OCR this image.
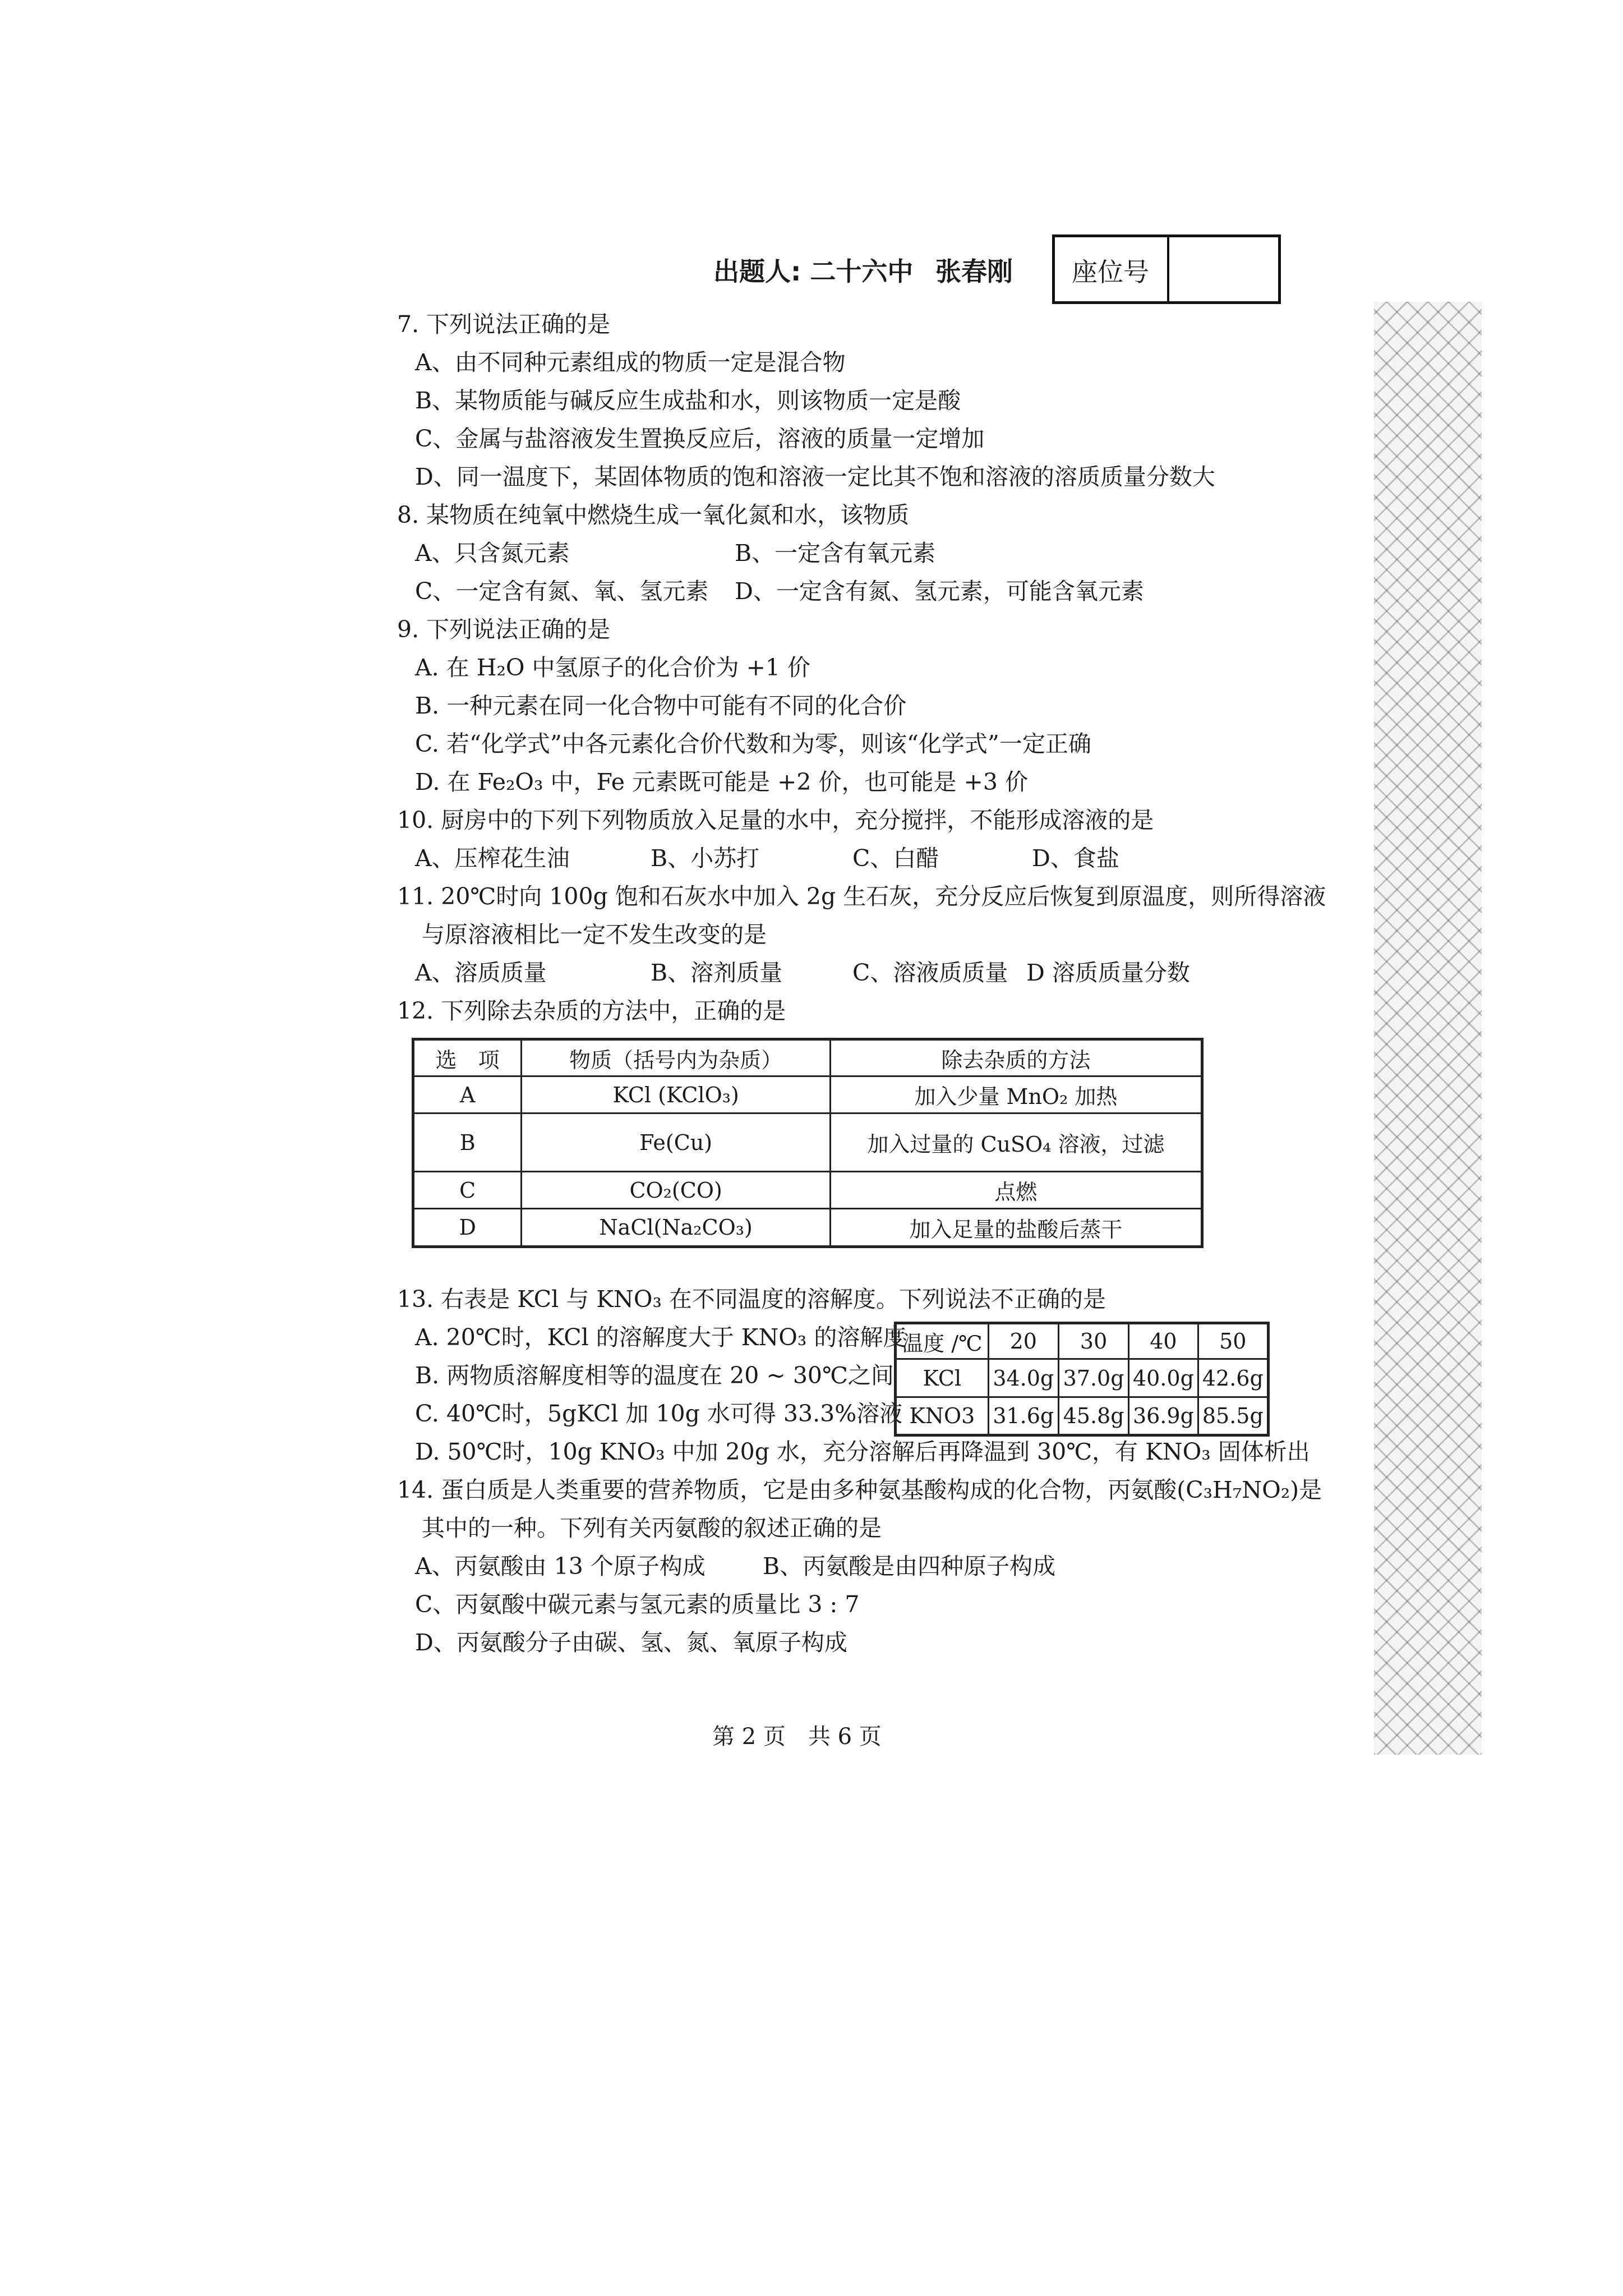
出题人: 二十六中 张春刚 座位号
7. 下列说法正确的是
A、由不同种元素组成的物质一定是混合物
B、某物质能与碱反应生成盐和水，则该物质一定是酸
C、金属与盐溶液发生置换反应后，溶液的质量一定增加
D、同一温度下，某固体物质的饱和溶液一定比其不饱和溶液的溶质质量分数大
8. 某物质在纯氧中燃烧生成一氧化氮和水，该物质
A、只含氮元素	B、一定含有氧元素
C、一定含有氮、氧、氢元素 D、一定含有氮、氢元素，可能含氧元素
9. 下列说法正确的是
A. 在 H₂O 中氢原子的化合价为 +1 价
B. 一种元素在同一化合物中可能有不同的化合价
C. 若“化学式”中各元素化合价代数和为零，则该“化学式”一定正确
D. 在 Fe₂O₃ 中，Fe 元素既可能是 +2 价，也可能是 +3 价
10. 厨房中的下列下列物质放入足量的水中，充分搅拌，不能形成溶液的是
A、压榨花生油	B、小苏打	C、白醋	D、食盐
11. 20℃时向 100g 饱和石灰水中加入 2g 生石灰，充分反应后恢复到原温度，则所得溶液
与原溶液相比一定不发生改变的是
A、溶质质量	B、溶剂质量	C、溶液质质量 D 溶质质量分数
12. 下列除去杂质的方法中，正确的是
选　项	物质（括号内为杂质）	除去杂质的方法
A	KCl (KClO₃)	加入少量 MnO₂ 加热
B	Fe(Cu)	加入过量的 CuSO₄ 溶液，过滤
C	CO₂(CO)	点燃
D	NaCl(Na₂CO₃)	加入足量的盐酸后蒸干
13. 右表是 KCl 与 KNO₃ 在不同温度的溶解度。下列说法不正确的是
A. 20℃时，KCl 的溶解度大于 KNO₃ 的溶解度
B. 两物质溶解度相等的温度在 20 ~ 30℃之间
C. 40℃时，5gKCl 加 10g 水可得 33.3%溶液
D. 50℃时，10g KNO₃ 中加 20g 水，充分溶解后再降温到 30℃，有 KNO₃ 固体析出
温度 /℃	20	30	40	50
KCl	34.0g	37.0g	40.0g	42.6g
KNO3	31.6g	45.8g	36.9g	85.5g
14. 蛋白质是人类重要的营养物质，它是由多种氨基酸构成的化合物，丙氨酸(C₃H₇NO₂)是
其中的一种。下列有关丙氨酸的叙述正确的是
A、丙氨酸由 13 个原子构成 B、丙氨酸是由四种原子构成
C、丙氨酸中碳元素与氢元素的质量比 3 : 7
D、丙氨酸分子由碳、氢、氮、氧原子构成
第 2 页　共 6 页
